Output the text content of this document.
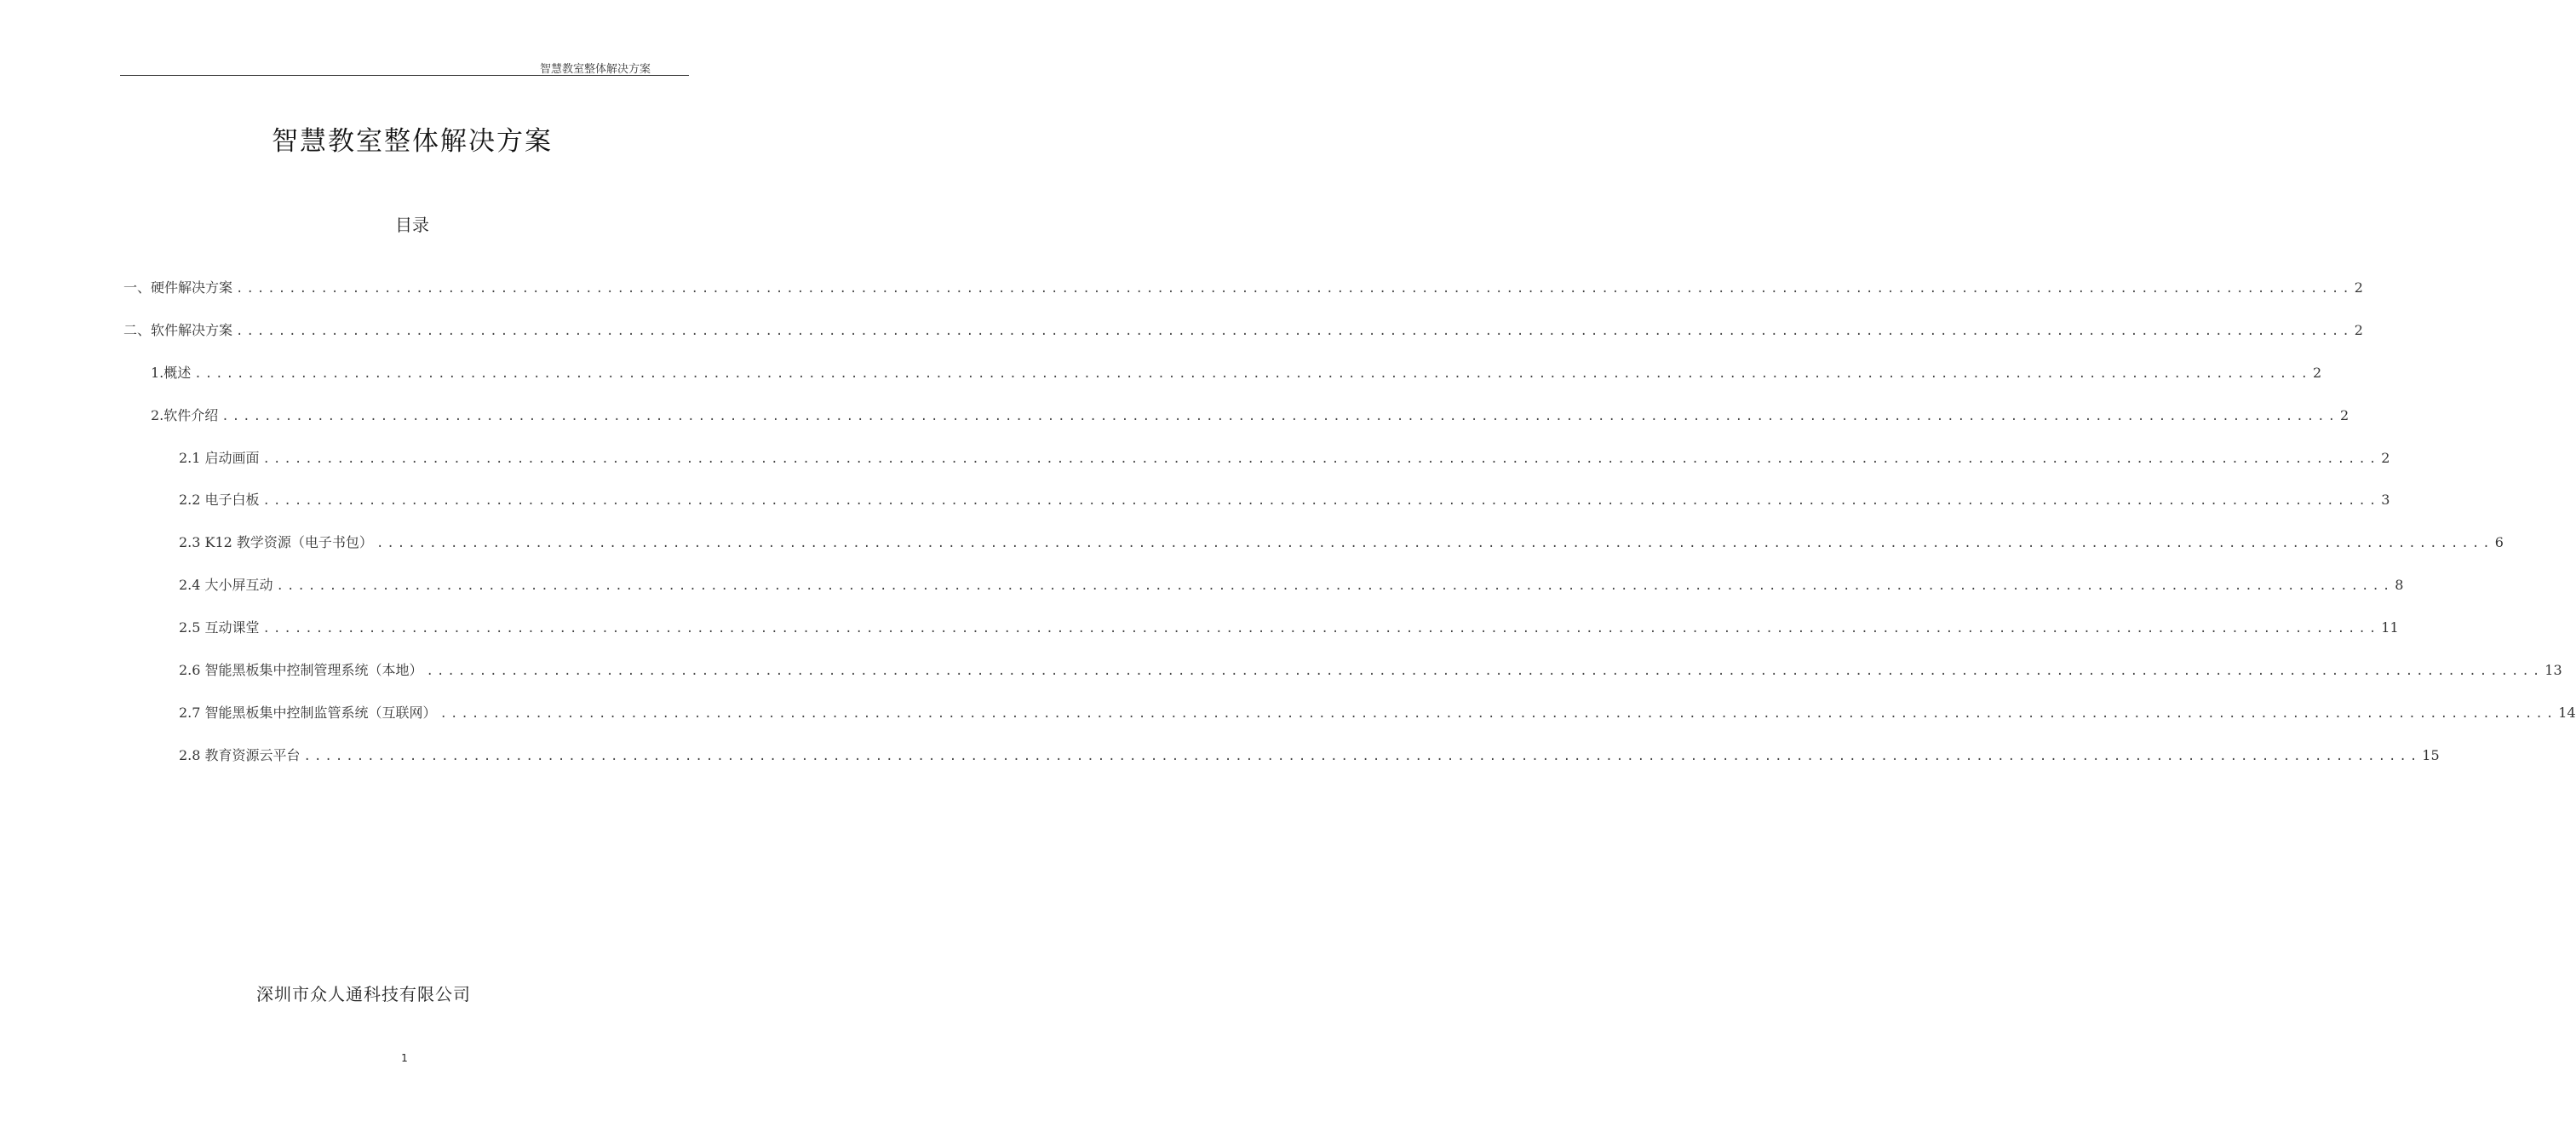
智慧教室整体解决方案
智慧教室整体解决方案
目录
一、硬件解决方案 ........................................................................................................................................................................................................ 2
二、软件解决方案 ........................................................................................................................................................................................................ 2
1.概述 ........................................................................................................................................................................................................ 2
2.软件介绍 ........................................................................................................................................................................................................ 2
2.1 启动画面 ........................................................................................................................................................................................................ 2
2.2 电子白板 ........................................................................................................................................................................................................ 3
2.3 K12 教学资源（电子书包） ........................................................................................................................................................................................................ 6
2.4 大小屏互动 ........................................................................................................................................................................................................ 8
2.5 互动课堂 ........................................................................................................................................................................................................ 11
2.6 智能黑板集中控制管理系统（本地） ........................................................................................................................................................................................................ 13
2.7 智能黑板集中控制监管系统（互联网） ........................................................................................................................................................................................................ 14
2.8 教育资源云平台 ........................................................................................................................................................................................................ 15
深圳市众人通科技有限公司
1
